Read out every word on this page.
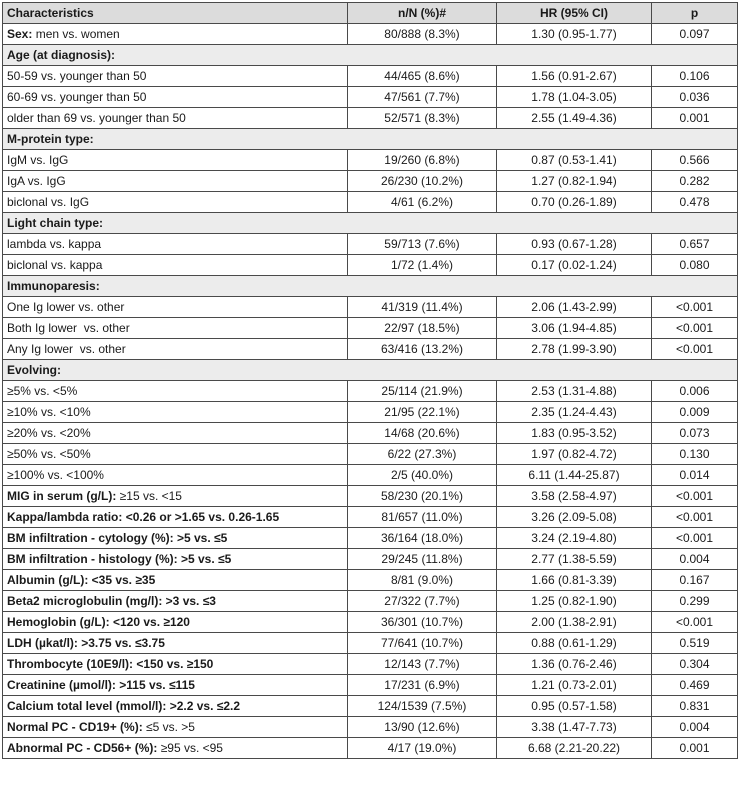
Characteristics	n/N (%)#	HR (95% CI)	p
Sex: men vs. women	80/888 (8.3%)	1.30 (0.95-1.77)	0.097
Age (at diagnosis):			
50-59 vs. younger than 50	44/465 (8.6%)	1.56 (0.91-2.67)	0.106
60-69 vs. younger than 50	47/561 (7.7%)	1.78 (1.04-3.05)	0.036
older than 69 vs. younger than 50	52/571 (8.3%)	2.55 (1.49-4.36)	0.001
M-protein type:			
IgM vs. IgG	19/260 (6.8%)	0.87 (0.53-1.41)	0.566
IgA vs. IgG	26/230 (10.2%)	1.27 (0.82-1.94)	0.282
biclonal vs. IgG	4/61 (6.2%)	0.70 (0.26-1.89)	0.478
Light chain type:			
lambda vs. kappa	59/713 (7.6%)	0.93 (0.67-1.28)	0.657
biclonal vs. kappa	1/72 (1.4%)	0.17 (0.02-1.24)	0.080
Immunoparesis:			
One Ig lower vs. other	41/319 (11.4%)	2.06 (1.43-2.99)	<0.001
Both Ig lower  vs. other	22/97 (18.5%)	3.06 (1.94-4.85)	<0.001
Any Ig lower  vs. other	63/416 (13.2%)	2.78 (1.99-3.90)	<0.001
Evolving:			
≥5% vs. <5%	25/114 (21.9%)	2.53 (1.31-4.88)	0.006
≥10% vs. <10%	21/95 (22.1%)	2.35 (1.24-4.43)	0.009
≥20% vs. <20%	14/68 (20.6%)	1.83 (0.95-3.52)	0.073
≥50% vs. <50%	6/22 (27.3%)	1.97 (0.82-4.72)	0.130
≥100% vs. <100%	2/5 (40.0%)	6.11 (1.44-25.87)	0.014
MIG in serum (g/L): ≥15 vs. <15	58/230 (20.1%)	3.58 (2.58-4.97)	<0.001
Kappa/lambda ratio: <0.26 or >1.65 vs. 0.26-1.65	81/657 (11.0%)	3.26 (2.09-5.08)	<0.001
BM infiltration - cytology (%): >5 vs. ≤5	36/164 (18.0%)	3.24 (2.19-4.80)	<0.001
BM infiltration - histology (%): >5 vs. ≤5	29/245 (11.8%)	2.77 (1.38-5.59)	0.004
Albumin (g/L): <35 vs. ≥35	8/81 (9.0%)	1.66 (0.81-3.39)	0.167
Beta2 microglobulin (mg/l): >3 vs. ≤3	27/322 (7.7%)	1.25 (0.82-1.90)	0.299
Hemoglobin (g/L): <120 vs. ≥120	36/301 (10.7%)	2.00 (1.38-2.91)	<0.001
LDH (µkat/l): >3.75 vs. ≤3.75	77/641 (10.7%)	0.88 (0.61-1.29)	0.519
Thrombocyte (10E9/l): <150 vs. ≥150	12/143 (7.7%)	1.36 (0.76-2.46)	0.304
Creatinine (µmol/l): >115 vs. ≤115	17/231 (6.9%)	1.21 (0.73-2.01)	0.469
Calcium total level (mmol/l): >2.2 vs. ≤2.2	124/1539 (7.5%)	0.95 (0.57-1.58)	0.831
Normal PC - CD19+ (%): ≤5 vs. >5	13/90 (12.6%)	3.38 (1.47-7.73)	0.004
Abnormal PC - CD56+ (%): ≥95 vs. <95	4/17 (19.0%)	6.68 (2.21-20.22)	0.001
